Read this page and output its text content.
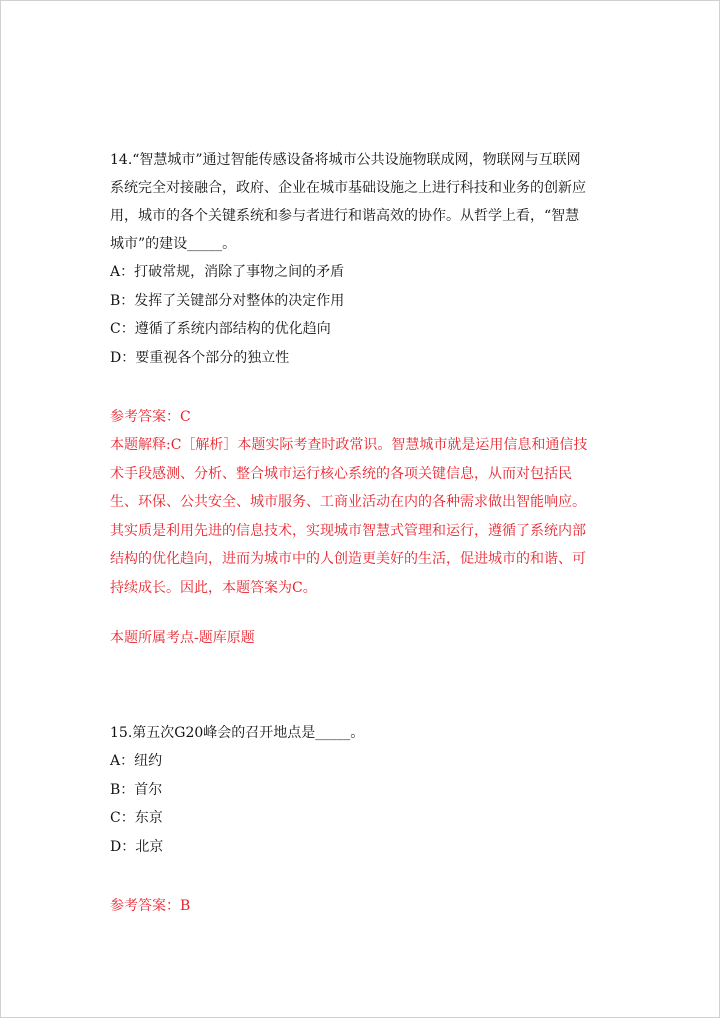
14.“智慧城市”通过智能传感设备将城市公共设施物联成网，物联网与互联网

系统完全对接融合，政府、企业在城市基础设施之上进行科技和业务的创新应

用，城市的各个关键系统和参与者进行和谐高效的协作。从哲学上看，“智慧

城市”的建设_____。

A：打破常规，消除了事物之间的矛盾

B：发挥了关键部分对整体的决定作用

C：遵循了系统内部结构的优化趋向

D：要重视各个部分的独立性

参考答案：C

本题解释:C［解析］本题实际考查时政常识。智慧城市就是运用信息和通信技

术手段感测、分析、整合城市运行核心系统的各项关键信息，从而对包括民

生、环保、公共安全、城市服务、工商业活动在内的各种需求做出智能响应。

其实质是利用先进的信息技术，实现城市智慧式管理和运行，遵循了系统内部

结构的优化趋向，进而为城市中的人创造更美好的生活，促进城市的和谐、可

持续成长。因此，本题答案为C。

本题所属考点-题库原题

15.第五次G20峰会的召开地点是_____。

A：纽约

B：首尔

C：东京

D：北京

参考答案：B
